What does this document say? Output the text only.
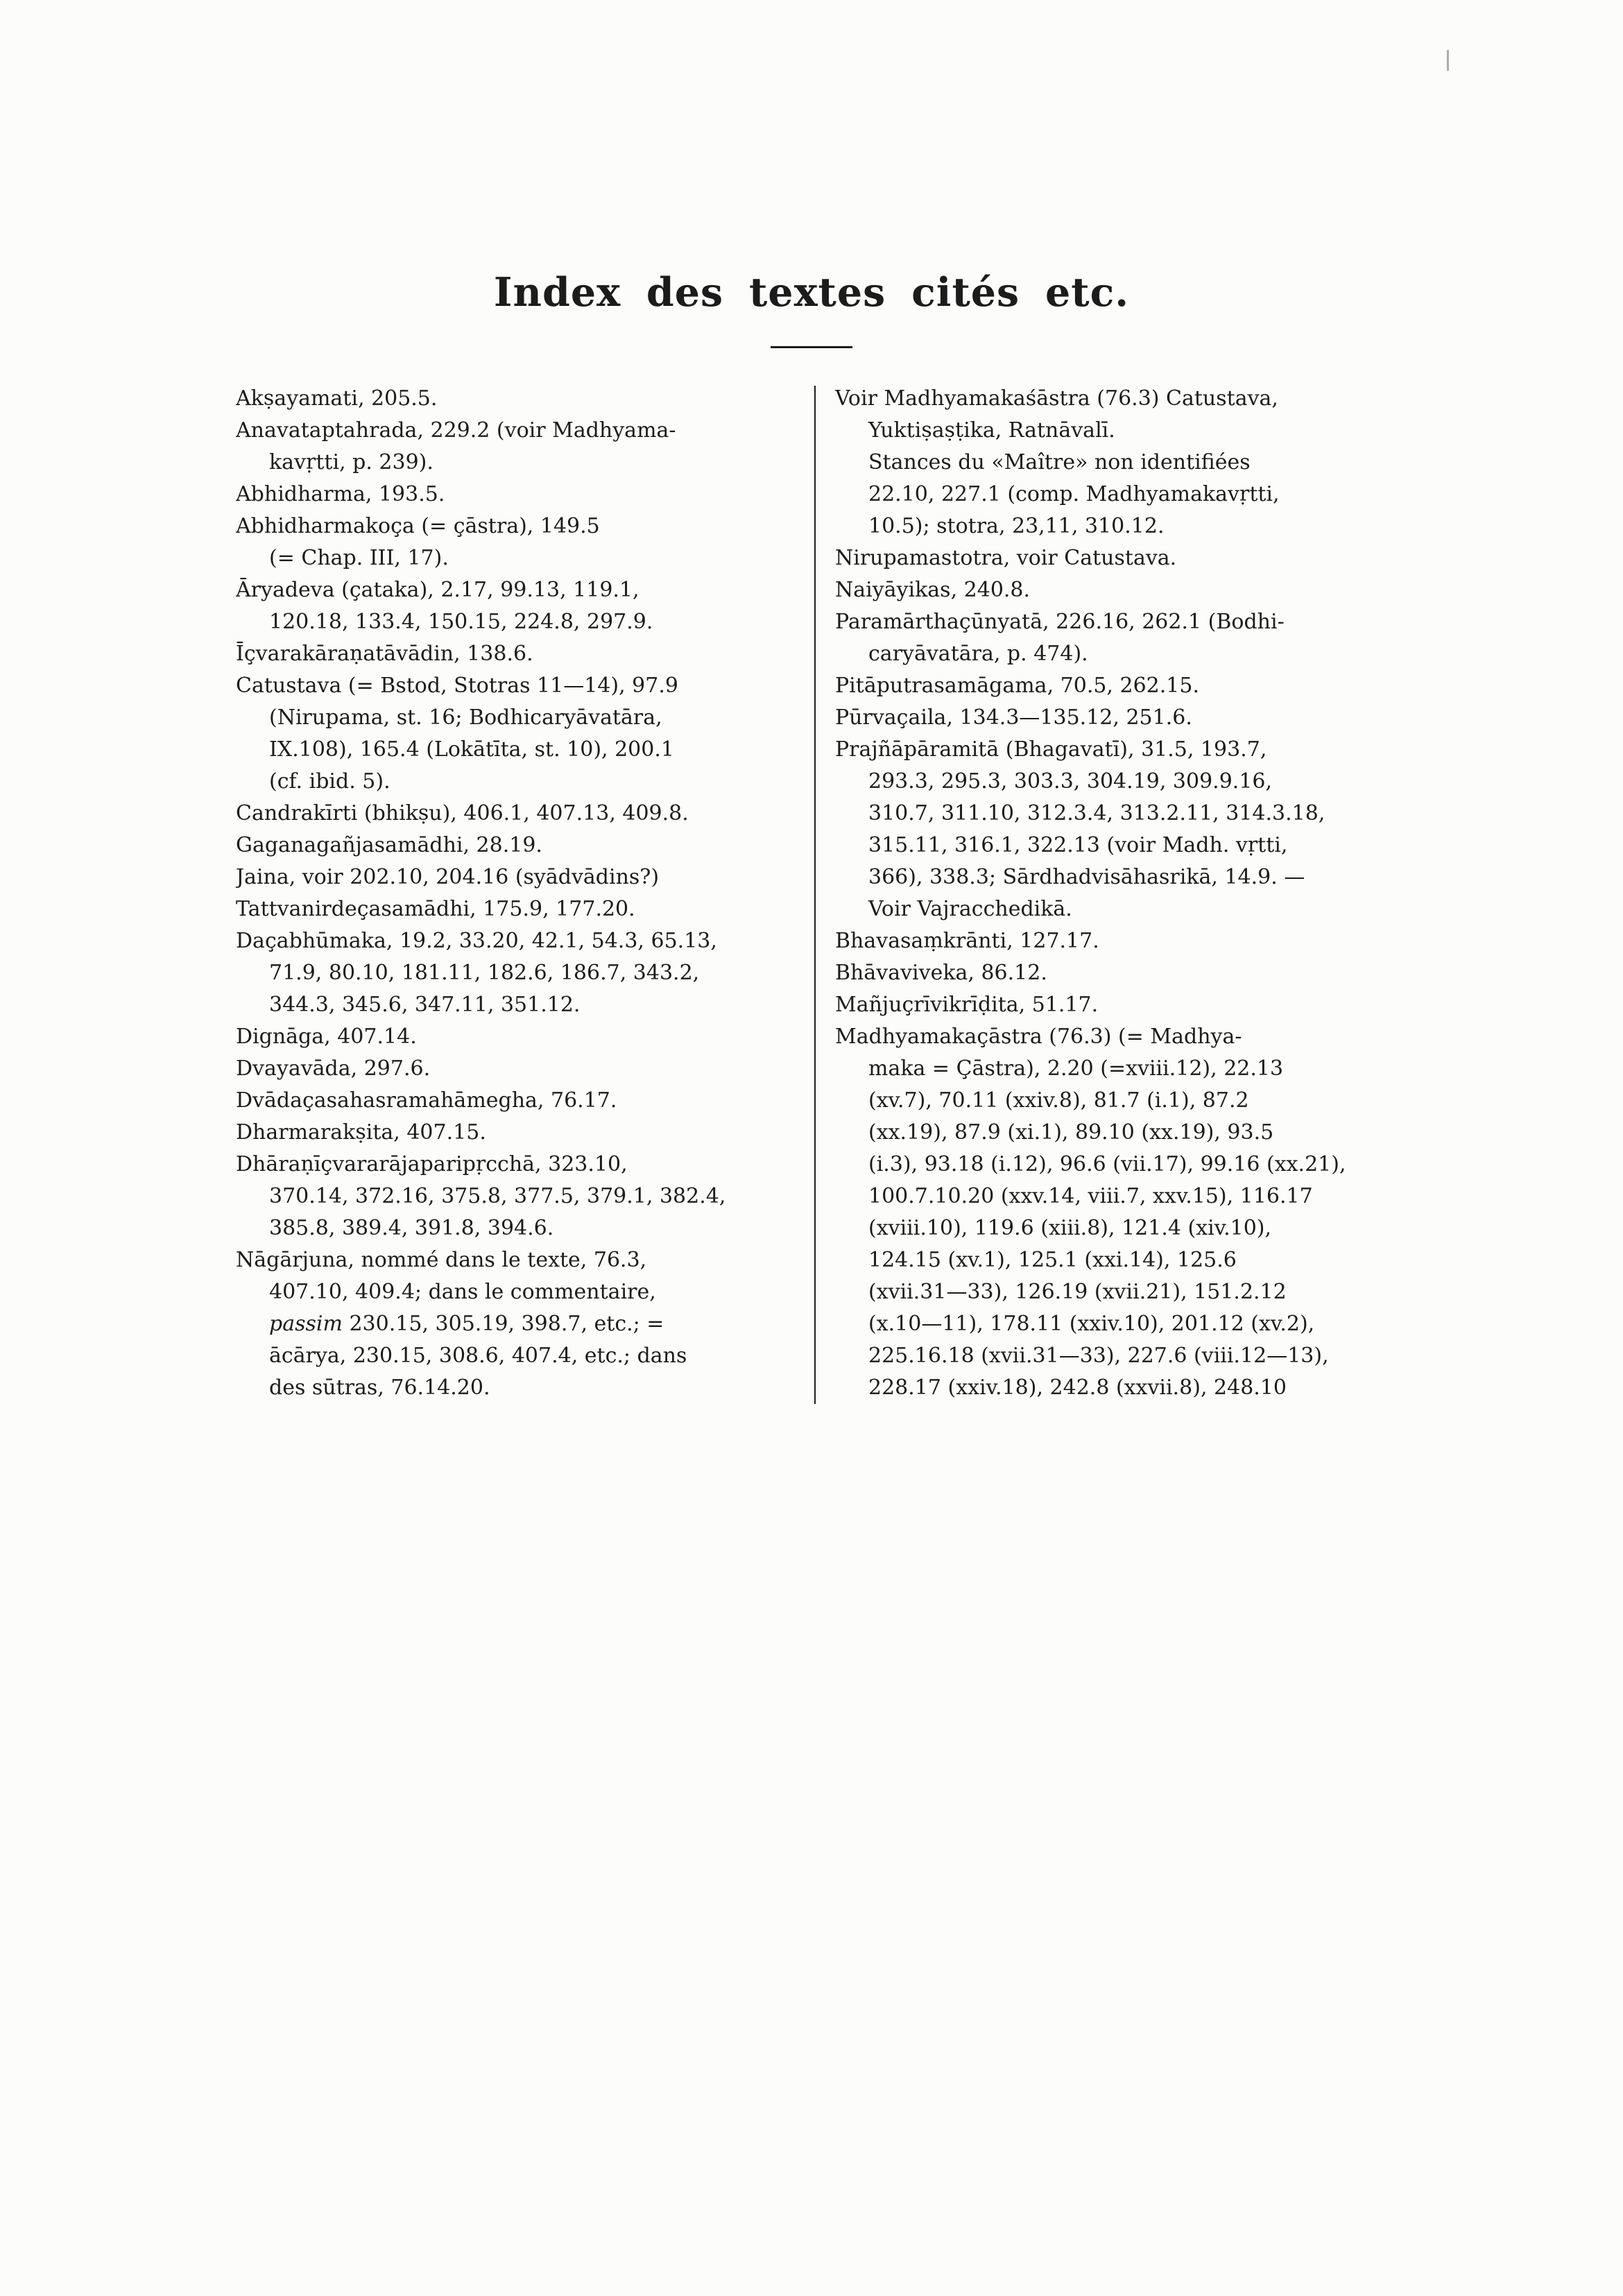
Index des textes cités etc.
Akṣayamati, 205.5.
Anavataptahrada, 229.2 (voir Madhyama-
kavṛtti, p. 239).
Abhidharma, 193.5.
Abhidharmakoça (= çāstra), 149.5
(= Chap. III, 17).
Āryadeva (çataka), 2.17, 99.13, 119.1,
120.18, 133.4, 150.15, 224.8, 297.9.
Īçvarakāraṇatāvādin, 138.6.
Catustava (= Bstod, Stotras 11—14), 97.9
(Nirupama, st. 16; Bodhicaryāvatāra,
IX.108), 165.4 (Lokātīta, st. 10), 200.1
(cf. ibid. 5).
Candrakīrti (bhikṣu), 406.1, 407.13, 409.8.
Gaganagañjasamādhi, 28.19.
Jaina, voir 202.10, 204.16 (syādvādins?)
Tattvanirdeçasamādhi, 175.9, 177.20.
Daçabhūmaka, 19.2, 33.20, 42.1, 54.3, 65.13,
71.9, 80.10, 181.11, 182.6, 186.7, 343.2,
344.3, 345.6, 347.11, 351.12.
Dignāga, 407.14.
Dvayavāda, 297.6.
Dvādaçasahasramahāmegha, 76.17.
Dharmarakṣita, 407.15.
Dhāraṇīçvararājaparipṛcchā, 323.10,
370.14, 372.16, 375.8, 377.5, 379.1, 382.4,
385.8, 389.4, 391.8, 394.6.
Nāgārjuna, nommé dans le texte, 76.3,
407.10, 409.4; dans le commentaire,
passim 230.15, 305.19, 398.7, etc.; =
ācārya, 230.15, 308.6, 407.4, etc.; dans
des sūtras, 76.14.20.
Voir Madhyamakaśāstra (76.3) Catustava,
Yuktiṣaṣṭika, Ratnāvalī.
Stances du «Maître» non identifiées
22.10, 227.1 (comp. Madhyamakavṛtti,
10.5); stotra, 23,11, 310.12.
Nirupamastotra, voir Catustava.
Naiyāyikas, 240.8.
Paramārthaçūnyatā, 226.16, 262.1 (Bodhi-
caryāvatāra, p. 474).
Pitāputrasamāgama, 70.5, 262.15.
Pūrvaçaila, 134.3—135.12, 251.6.
Prajñāpāramitā (Bhagavatī), 31.5, 193.7,
293.3, 295.3, 303.3, 304.19, 309.9.16,
310.7, 311.10, 312.3.4, 313.2.11, 314.3.18,
315.11, 316.1, 322.13 (voir Madh. vṛtti,
366), 338.3; Sārdhadvisāhasrikā, 14.9. —
Voir Vajracchedikā.
Bhavasaṃkrānti, 127.17.
Bhāvaviveka, 86.12.
Mañjuçrīvikrīḍita, 51.17.
Madhyamakaçāstra (76.3) (= Madhya-
maka = Çāstra), 2.20 (=xviii.12), 22.13
(xv.7), 70.11 (xxiv.8), 81.7 (i.1), 87.2
(xx.19), 87.9 (xi.1), 89.10 (xx.19), 93.5
(i.3), 93.18 (i.12), 96.6 (vii.17), 99.16 (xx.21),
100.7.10.20 (xxv.14, viii.7, xxv.15), 116.17
(xviii.10), 119.6 (xiii.8), 121.4 (xiv.10),
124.15 (xv.1), 125.1 (xxi.14), 125.6
(xvii.31—33), 126.19 (xvii.21), 151.2.12
(x.10—11), 178.11 (xxiv.10), 201.12 (xv.2),
225.16.18 (xvii.31—33), 227.6 (viii.12—13),
228.17 (xxiv.18), 242.8 (xxvii.8), 248.10
